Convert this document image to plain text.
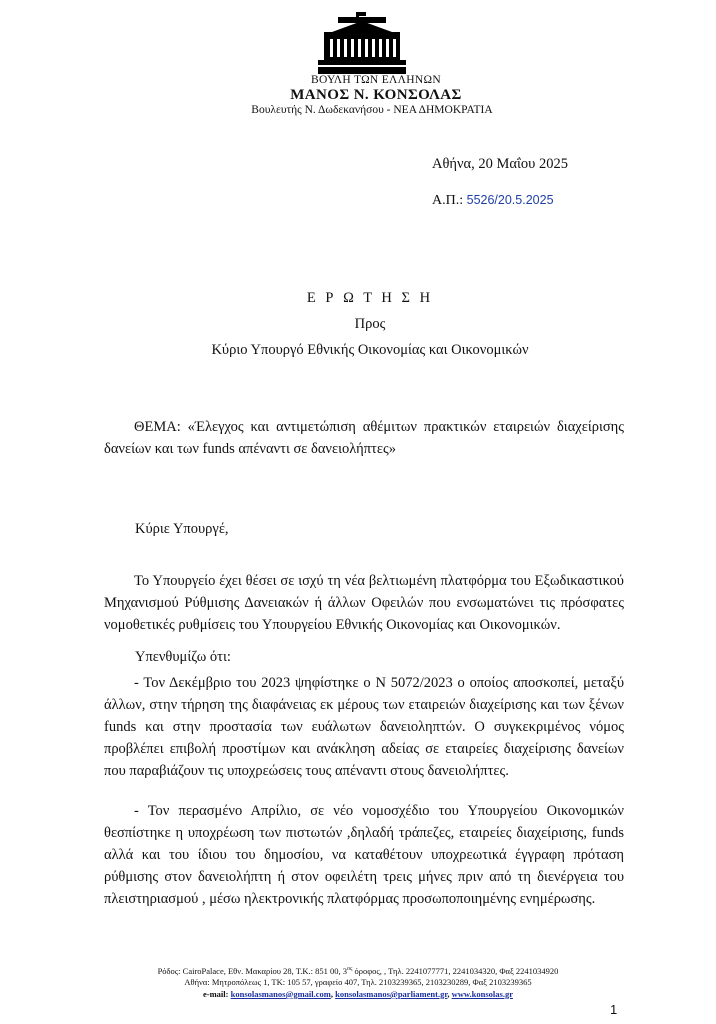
ΒΟΥΛΗ ΤΩΝ ΕΛΛΗΝΩΝ
ΜΑΝΟΣ Ν. ΚΟΝΣΟΛΑΣ
Βουλευτής Ν. Δωδεκανήσου - ΝΕΑ ΔΗΜΟΚΡΑΤΙΑ
Αθήνα, 20 Μαΐου 2025
Α.Π.: 5526/20.5.2025
Ε Ρ Ω Τ Η Σ Η
Προς
Κύριο Υπουργό Εθνικής Οικονομίας και Οικονομικών
ΘΕΜΑ: «Έλεγχος και αντιμετώπιση αθέμιτων πρακτικών εταιρειών διαχείρισης
δανείων και των funds απέναντι σε δανειολήπτες»
Κύριε Υπουργέ,
Το Υπουργείο έχει θέσει σε ισχύ τη νέα βελτιωμένη πλατφόρμα του Εξωδικαστικού
Μηχανισμού Ρύθμισης Δανειακών ή άλλων Οφειλών που ενσωματώνει τις πρόσφατες
νομοθετικές ρυθμίσεις του Υπουργείου Εθνικής Οικονομίας και Οικονομικών.
Υπενθυμίζω ότι:
- Τον Δεκέμβριο του 2023 ψηφίστηκε ο Ν 5072/2023 ο οποίος αποσκοπεί, μεταξύ
άλλων, στην τήρηση της διαφάνειας εκ μέρους των εταιρειών διαχείρισης και των ξένων
funds και στην προστασία των ευάλωτων δανειοληπτών. Ο συγκεκριμένος νόμος
προβλέπει επιβολή προστίμων και ανάκληση αδείας σε εταιρείες διαχείρισης δανείων
που παραβιάζουν τις υποχρεώσεις τους απέναντι στους δανειολήπτες.
- Τον περασμένο Απρίλιο, σε νέο νομοσχέδιο του Υπουργείου Οικονομικών
θεσπίστηκε η υποχρέωση των πιστωτών ,δηλαδή τράπεζες, εταιρείες διαχείρισης, funds
αλλά και του ίδιου του δημοσίου, να καταθέτουν υποχρεωτικά έγγραφη πρόταση
ρύθμισης στον δανειολήπτη ή στον οφειλέτη τρεις μήνες πριν από τη διενέργεια του
πλειστηριασμού , μέσω ηλεκτρονικής πλατφόρμας προσωποποιημένης ενημέρωσης.
Ρόδος: CairoPalace, Εθν. Μακαρίου 28, Τ.Κ.: 851 00, $3^{o\varsigma}$ όροφος, , Τηλ. 2241077771, 2241034320, Φαξ 2241034920
Αθήνα: Μητροπόλεως 1, ΤΚ: 105 57, γραφείο 407, Τηλ. 2103239365, 2103230289, Φαξ 2103239365
e-mail: konsolasmanos@gmail.com, konsolasmanos@parliament.gr, www.konsolas.gr
1
